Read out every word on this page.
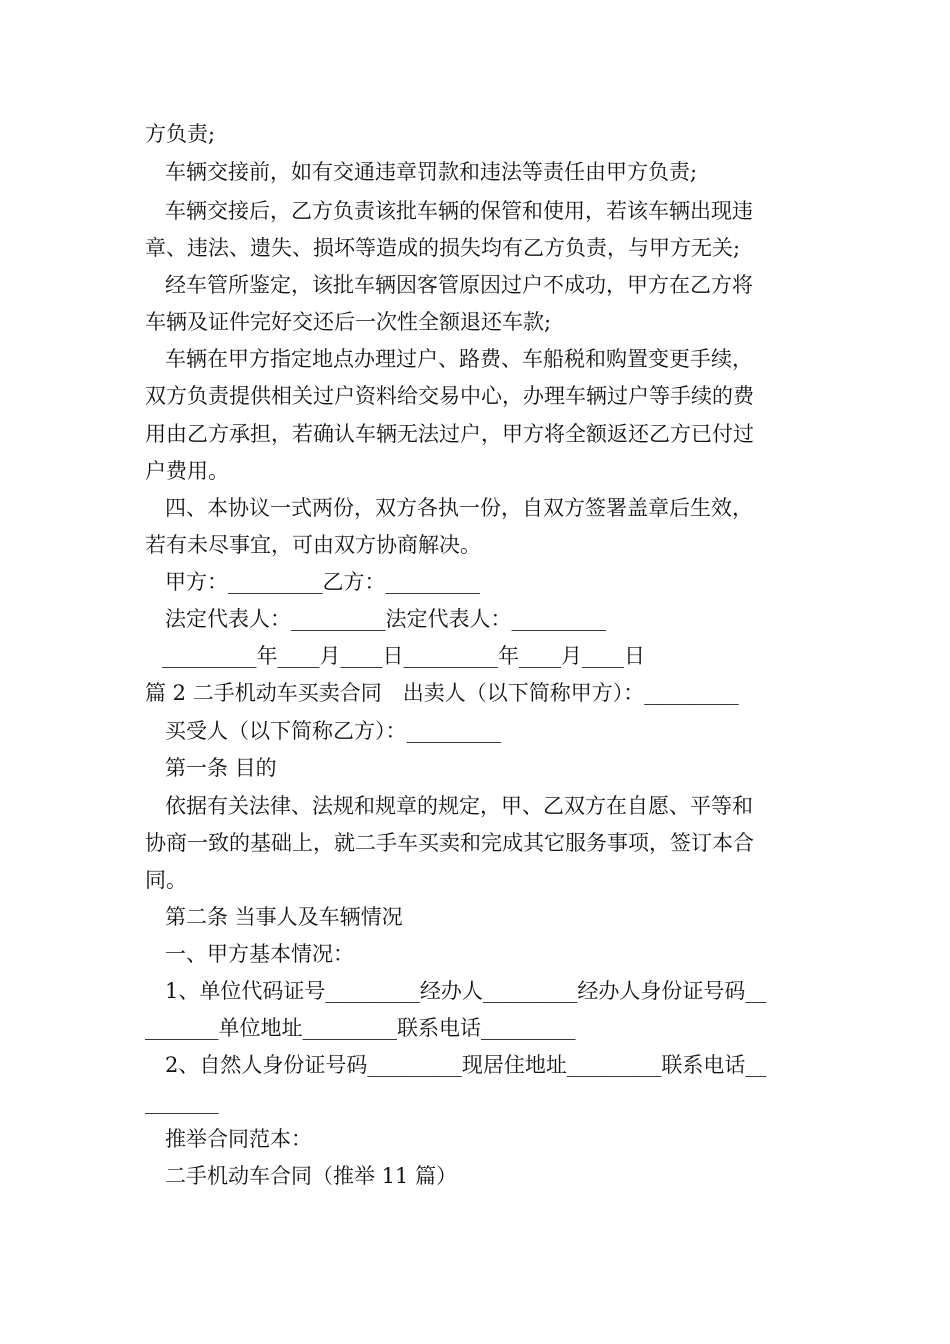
方负责;
车辆交接前，如有交通违章罚款和违法等责任由甲方负责;
车辆交接后，乙方负责该批车辆的保管和使用，若该车辆出现违
章、违法、遗失、损坏等造成的损失均有乙方负责，与甲方无关;
经车管所鉴定，该批车辆因客管原因过户不成功，甲方在乙方将
车辆及证件完好交还后一次性全额退还车款;
车辆在甲方指定地点办理过户、路费、车船税和购置变更手续，
双方负责提供相关过户资料给交易中心，办理车辆过户等手续的费
用由乙方承担，若确认车辆无法过户，甲方将全额返还乙方已付过
户费用。
四、本协议一式两份，双方各执一份，自双方签署盖章后生效，
若有未尽事宜，可由双方协商解决。
甲方：_________乙方：_________
法定代表人：_________法定代表人：_________
_________年____月____日_________年____月____日
篇 2 二手机动车买卖合同　出卖人（以下简称甲方）：_________
买受人（以下简称乙方）：_________
第一条 目的
依据有关法律、法规和规章的规定，甲、乙双方在自愿、平等和
协商一致的基础上，就二手车买卖和完成其它服务事项，签订本合
同。
第二条 当事人及车辆情况
一、甲方基本情况：
1、单位代码证号_________经办人_________经办人身份证号码__
_______单位地址_________联系电话_________
2、自然人身份证号码_________现居住地址_________联系电话__
_______
推举合同范本：
二手机动车合同（推举 11 篇）
